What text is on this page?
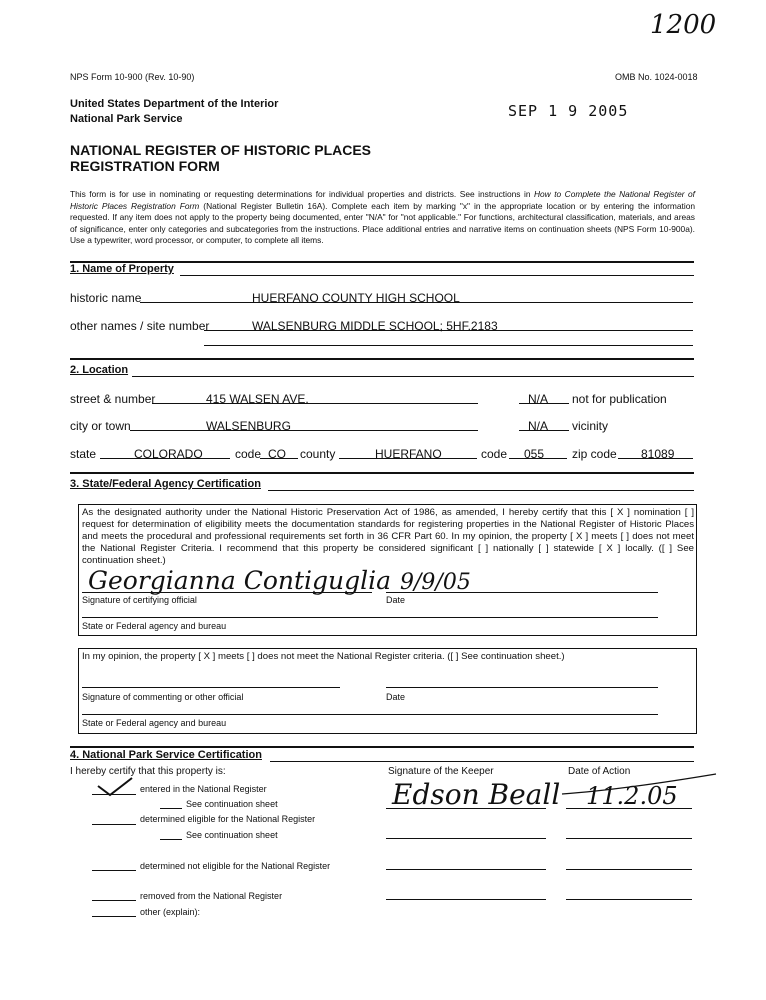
1200
NPS Form 10-900 (Rev. 10-90)	OMB No. 1024-0018
United States Department of the Interior
National Park Service	SEP 1 9 2005
NATIONAL REGISTER OF HISTORIC PLACES
REGISTRATION FORM
This form is for use in nominating or requesting determinations for individual properties and districts. See instructions in How to Complete the National Register of Historic Places Registration Form (National Register Bulletin 16A). Complete each item by marking "x" in the appropriate location or by entering the information requested. If any item does not apply to the property being documented, enter "N/A" for "not applicable." For functions, architectural classification, materials, and areas of significance, enter only categories and subcategories from the instructions. Place additional entries and narrative items on continuation sheets (NPS Form 10-900a). Use a typewriter, word processor, or computer, to complete all items.
1. Name of Property
historic name	HUERFANO COUNTY HIGH SCHOOL
other names / site number	WALSENBURG MIDDLE SCHOOL; 5HF.2183
2. Location
street & number	415 WALSEN AVE.	N/A not for publication
city or town	WALSENBURG	N/A vicinity
state	COLORADO	code CO county	HUERFANO	code 055 zip code 81089
3. State/Federal Agency Certification
As the designated authority under the National Historic Preservation Act of 1986, as amended, I hereby certify that this [ X ] nomination [ ] request for determination of eligibility meets the documentation standards for registering properties in the National Register of Historic Places and meets the procedural and professional requirements set forth in 36 CFR Part 60. In my opinion, the property [ X ] meets [ ] does not meet the National Register Criteria. I recommend that this property be considered significant [ ] nationally [ ] statewide [ X ] locally. ([ ] See continuation sheet.)
Georgianna Contiguglia 9/9/05
Signature of certifying official	Date
State or Federal agency and bureau
In my opinion, the property [ X ] meets [ ] does not meet the National Register criteria. ([ ] See continuation sheet.)
Signature of commenting or other official	Date
State or Federal agency and bureau
4. National Park Service Certification
I hereby certify that this property is:	Signature of the Keeper	Date of Action
Edson Beall 11.2.05
entered in the National Register
See continuation sheet
determined eligible for the National Register
See continuation sheet
determined not eligible for the National Register
removed from the National Register
other (explain):
